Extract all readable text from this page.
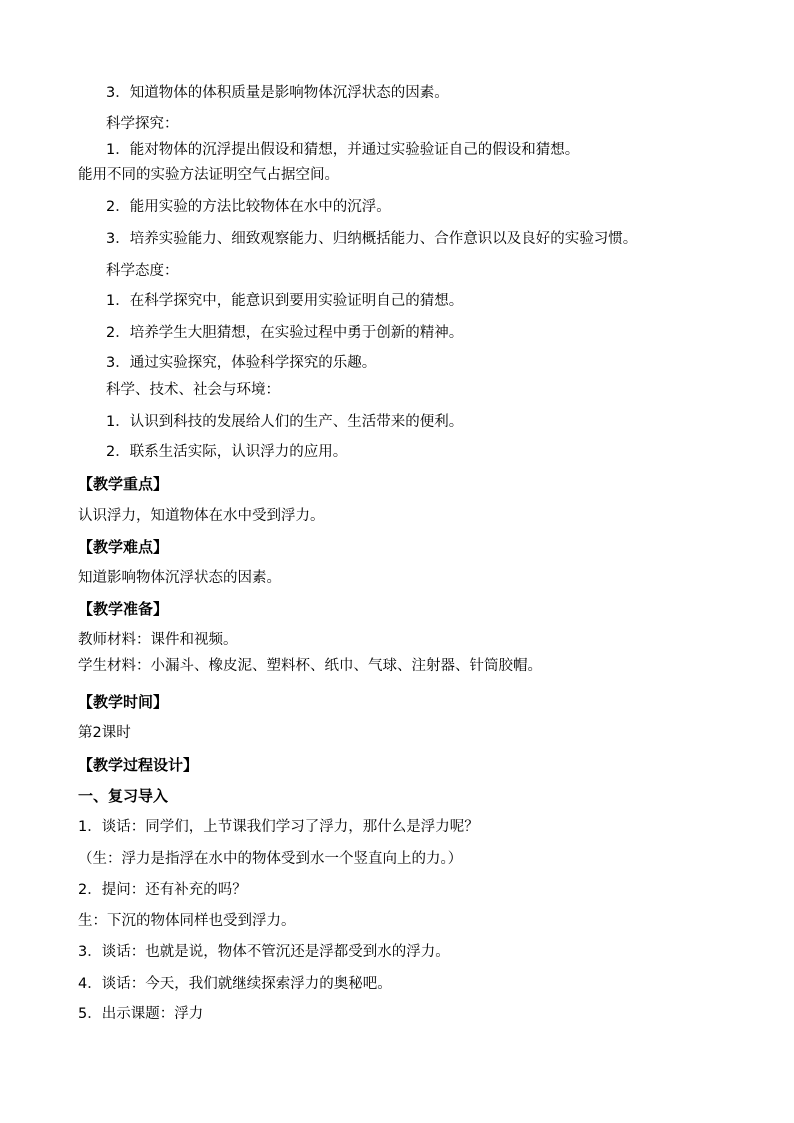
3．知道物体的体积质量是影响物体沉浮状态的因素。
科学探究：
1．能对物体的沉浮提出假设和猜想，并通过实验验证自己的假设和猜想。
能用不同的实验方法证明空气占据空间。
2．能用实验的方法比较物体在水中的沉浮。
3．培养实验能力、细致观察能力、归纳概括能力、合作意识以及良好的实验习惯。
科学态度：
1．在科学探究中，能意识到要用实验证明自己的猜想。
2．培养学生大胆猜想，在实验过程中勇于创新的精神。
3．通过实验探究，体验科学探究的乐趣。
科学、技术、社会与环境：
1．认识到科技的发展给人们的生产、生活带来的便利。
2．联系生活实际，认识浮力的应用。
【教学重点】
认识浮力，知道物体在水中受到浮力。
【教学难点】
知道影响物体沉浮状态的因素。
【教学准备】
教师材料：课件和视频。
学生材料：小漏斗、橡皮泥、塑料杯、纸巾、气球、注射器、针筒胶帽。
【教学时间】
第2课时
【教学过程设计】
一、复习导入
1．谈话：同学们，上节课我们学习了浮力，那什么是浮力呢？
（生：浮力是指浮在水中的物体受到水一个竖直向上的力。）
2．提问：还有补充的吗？
生：下沉的物体同样也受到浮力。
3．谈话：也就是说，物体不管沉还是浮都受到水的浮力。
4．谈话：今天，我们就继续探索浮力的奥秘吧。
5．出示课题：浮力
